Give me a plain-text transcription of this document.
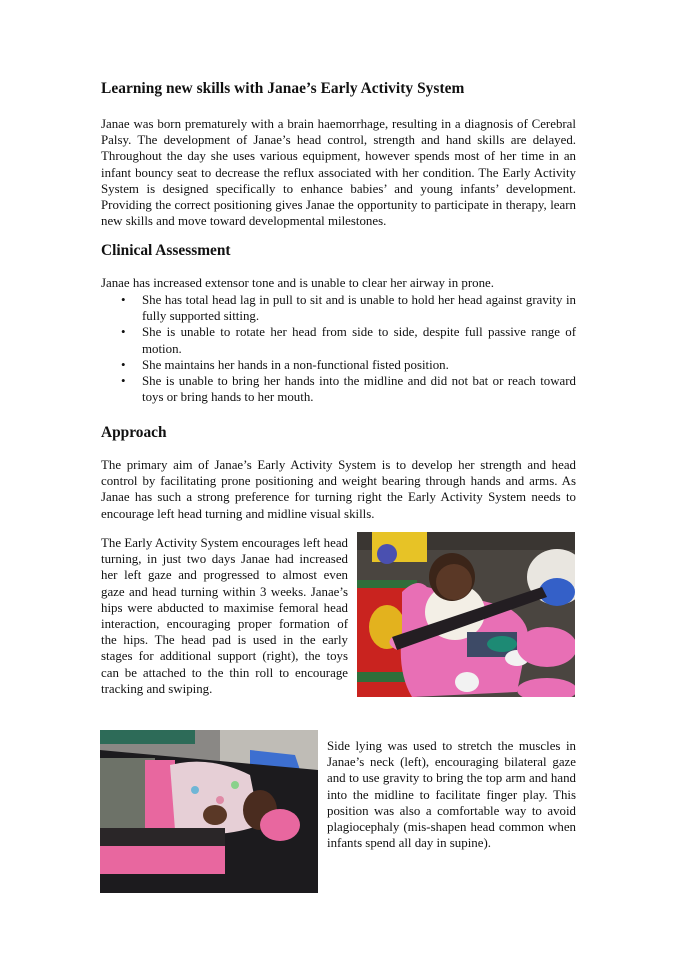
Learning new skills with Janae’s Early Activity System

Janae was born prematurely with a brain haemorrhage, resulting in a diagnosis of Cerebral Palsy. The development of Janae’s head control, strength and hand skills are delayed. Throughout the day she uses various equipment, however spends most of her time in an infant bouncy seat to decrease the reflux associated with her condition. The Early Activity System is designed specifically to enhance babies’ and young infants’ development. Providing the correct positioning gives Janae the opportunity to participate in therapy, learn new skills and move toward developmental milestones.

Clinical Assessment

Janae has increased extensor tone and is unable to clear her airway in prone.

• She has total head lag in pull to sit and is unable to hold her head against gravity in fully supported sitting.
• She is unable to rotate her head from side to side, despite full passive range of motion.
• She maintains her hands in a non-functional fisted position.
• She is unable to bring her hands into the midline and did not bat or reach toward toys or bring hands to her mouth.
Approach

The primary aim of Janae’s Early Activity System is to develop her strength and head control by facilitating prone positioning and weight bearing through hands and arms. As Janae has such a strong preference for turning right the Early Activity System needs to encourage left head turning and midline visual skills.

The Early Activity System encourages left head turning, in just two days Janae had increased her left gaze and progressed to almost even gaze and head turning within 3 weeks. Janae’s hips were abducted to maximise femoral head interaction, encouraging proper formation of the hips. The head pad is used in the early stages for additional support (right), the toys can be attached to the thin roll to encourage tracking and swiping.

Side lying was used to stretch the muscles in Janae’s neck (left), encouraging bilateral gaze and to use gravity to bring the top arm and hand into the midline to facilitate finger play. This position was also a comfortable way to avoid plagiocephaly (mis-shapen head common when infants spend all day in supine).
